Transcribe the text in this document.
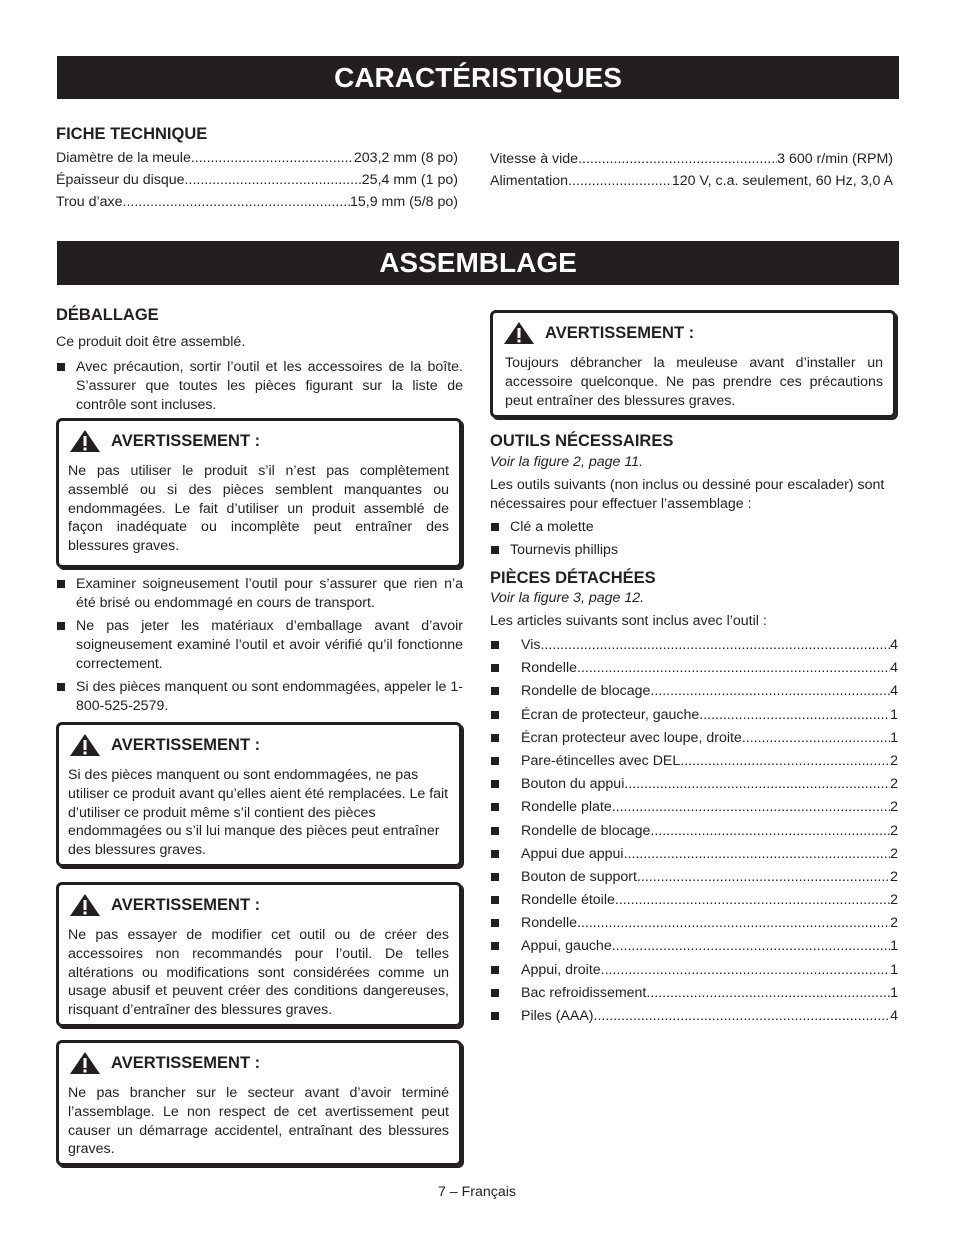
CARACTÉRISTIQUES
FICHE TECHNIQUE
Diamètre de la meule .....	203,2 mm (8 po)
Épaisseur du disque. .....	25,4 mm (1 po)
Trou d’axe .....	15,9 mm (5/8 po)
Vitesse à vide .....	3 600 r/min (RPM)
Alimentation. .....	120 V, c.a. seulement, 60 Hz, 3,0 A
ASSEMBLAGE
DÉBALLAGE
Ce produit doit être assemblé.
Avec précaution, sortir l’outil et les accessoires de la boîte. S’assurer que toutes les pièces figurant sur la liste de contrôle sont incluses.
AVERTISSEMENT :

Ne pas utiliser le produit s’il n’est pas complètement assemblé ou si des pièces semblent manquantes ou endommagées. Le fait d’utiliser un produit assemblé de façon inadéquate ou incomplète peut entraîner des blessures graves.

Examiner soigneusement l’outil pour s’assurer que rien n’a été brisé ou endommagé en cours de transport.
Ne pas jeter les matériaux d’emballage avant d’avoir soigneusement examiné l’outil et avoir vérifié qu’il fonctionne correctement.
Si des pièces manquent ou sont endommagées, appeler le 1-800-525-2579.
AVERTISSEMENT :

Si des pièces manquent ou sont endommagées, ne pas utiliser ce produit avant qu’elles aient été remplacées. Le fait d’utiliser ce produit même s’il contient des pièces endommagées ou s’il lui manque des pièces peut entraîner des blessures graves.

AVERTISSEMENT :

Ne pas essayer de modifier cet outil ou de créer des accessoires non recommandés pour l’outil. De telles altérations ou modifications sont considérées comme un usage abusif et peuvent créer des conditions dangereuses, risquant d’entraîner des blessures graves.

AVERTISSEMENT :

Ne pas brancher sur le secteur avant d’avoir terminé l’assemblage. Le non respect de cet avertissement peut causer un démarrage accidentel, entraînant des blessures graves.

AVERTISSEMENT :

Toujours débrancher la meuleuse avant d’installer un accessoire quelconque. Ne pas prendre ces précautions peut entraîner des blessures graves.

OUTILS NÉCESSAIRES
Voir la figure 2, page 11.
Les outils suivants (non inclus ou dessiné pour escalader) sont nécessaires pour effectuer l’assemblage :
Clé a molette
Tournevis phillips
PIÈCES DÉTACHÉES
Voir la figure 3, page 12.
Les articles suivants sont inclus avec l’outil :
Vis .....	4
Rondelle .....	4
Rondelle de blocage .....	4
Écran de protecteur, gauche .....	1
Écran protecteur avec loupe, droite .....	1
Pare-étincelles avec DEL .....	2
Bouton du appui .....	2
Rondelle plate .....	2
Rondelle de blocage .....	2
Appui due appui .....	2
Bouton de support .....	2
Rondelle étoile .....	2
Rondelle .....	2
Appui, gauche .....	1
Appui, droite .....	1
Bac refroidissement .....	1
Piles (AAA) .....	4
7 – Français
